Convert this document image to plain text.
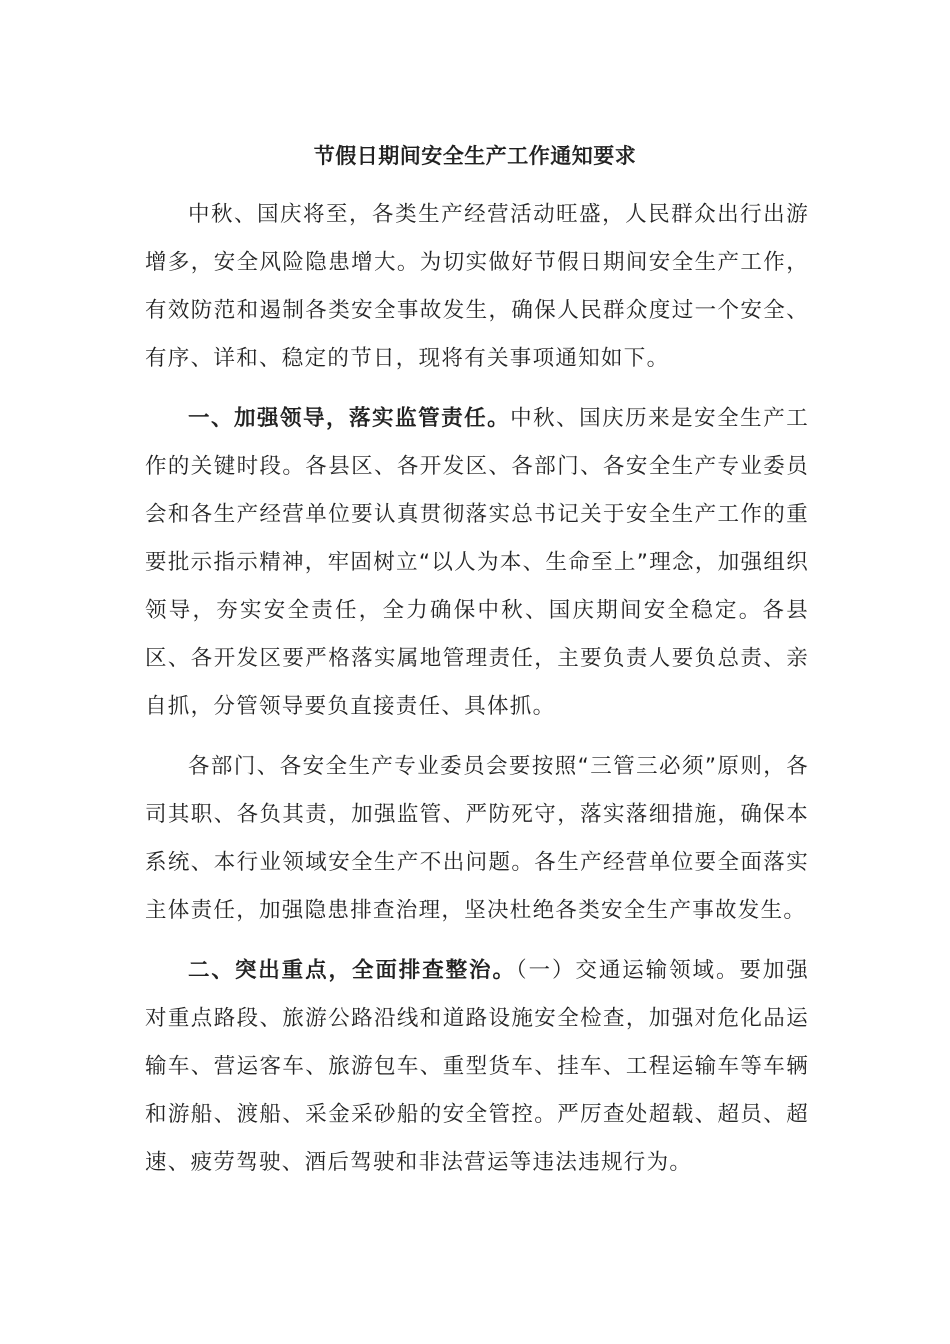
节假日期间安全生产工作通知要求

中秋、国庆将至，各类生产经营活动旺盛，人民群众出行出游增多，安全风险隐患增大。为切实做好节假日期间安全生产工作，有效防范和遏制各类安全事故发生，确保人民群众度过一个安全、有序、详和、稳定的节日，现将有关事项通知如下。

一、加强领导，落实监管责任。中秋、国庆历来是安全生产工作的关键时段。各县区、各开发区、各部门、各安全生产专业委员会和各生产经营单位要认真贯彻落实总书记关于安全生产工作的重要批示指示精神，牢固树立“以人为本、生命至上”理念，加强组织领导，夯实安全责任，全力确保中秋、国庆期间安全稳定。各县区、各开发区要严格落实属地管理责任，主要负责人要负总责、亲自抓，分管领导要负直接责任、具体抓。

各部门、各安全生产专业委员会要按照“三管三必须”原则，各司其职、各负其责，加强监管、严防死守，落实落细措施，确保本系统、本行业领域安全生产不出问题。各生产经营单位要全面落实主体责任，加强隐患排查治理，坚决杜绝各类安全生产事故发生。

二、突出重点，全面排查整治。（一）交通运输领域。要加强对重点路段、旅游公路沿线和道路设施安全检查，加强对危化品运输车、营运客车、旅游包车、重型货车、挂车、工程运输车等车辆和游船、渡船、采金采砂船的安全管控。严厉查处超载、超员、超速、疲劳驾驶、酒后驾驶和非法营运等违法违规行为。
